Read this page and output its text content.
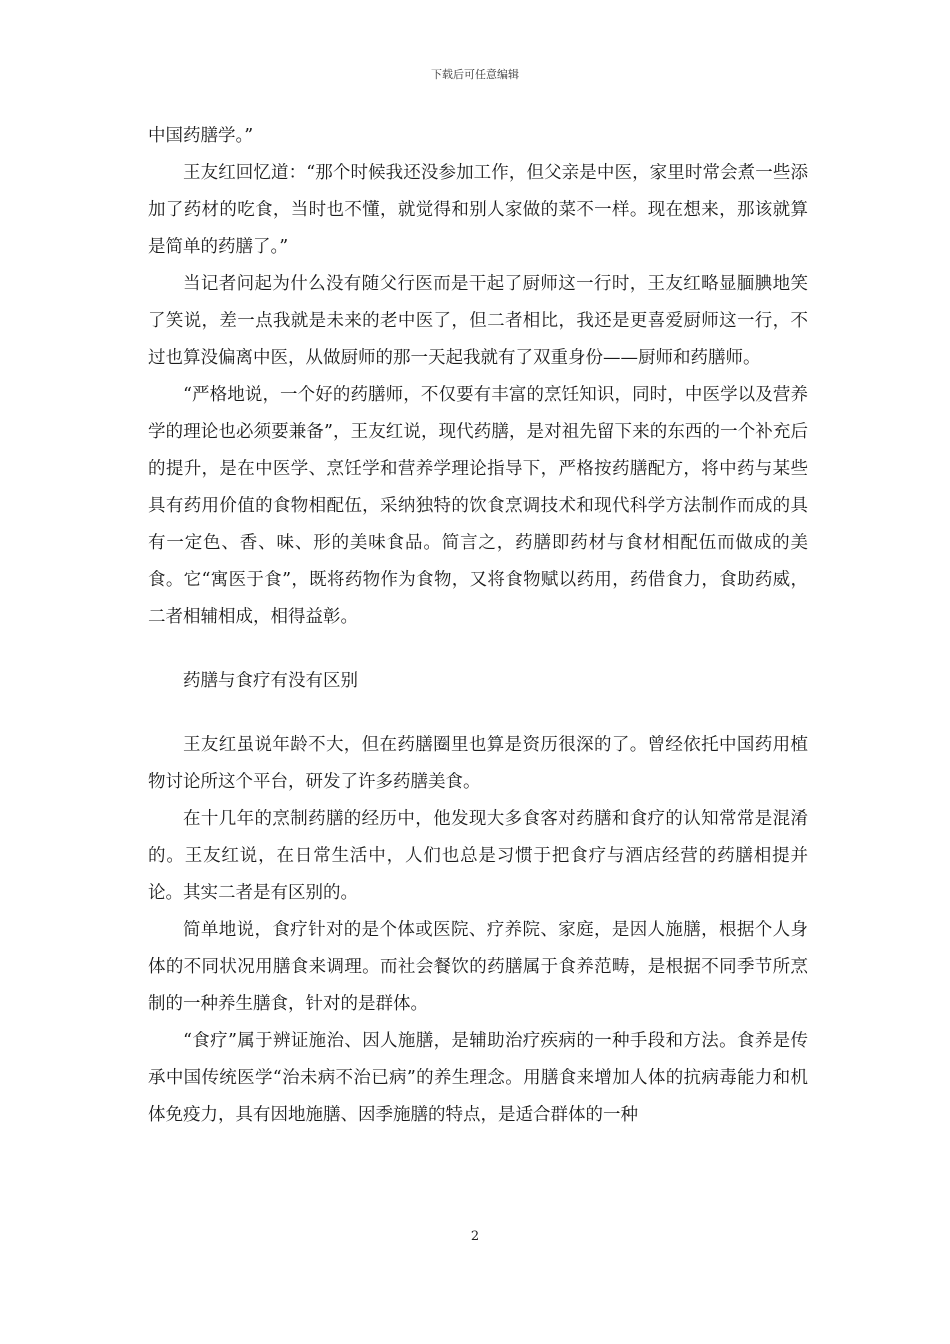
下载后可任意编辑

中国药膳学。”

王友红回忆道：“那个时候我还没参加工作，但父亲是中医，家里时常会煮一些添加了药材的吃食，当时也不懂，就觉得和别人家做的菜不一样。现在想来，那该就算是简单的药膳了。”

当记者问起为什么没有随父行医而是干起了厨师这一行时，王友红略显腼腆地笑了笑说，差一点我就是未来的老中医了，但二者相比，我还是更喜爱厨师这一行，不过也算没偏离中医，从做厨师的那一天起我就有了双重身份——厨师和药膳师。

“严格地说，一个好的药膳师，不仅要有丰富的烹饪知识，同时，中医学以及营养学的理论也必须要兼备”，王友红说，现代药膳，是对祖先留下来的东西的一个补充后的提升，是在中医学、烹饪学和营养学理论指导下，严格按药膳配方，将中药与某些具有药用价值的食物相配伍，采纳独特的饮食烹调技术和现代科学方法制作而成的具有一定色、香、味、形的美味食品。简言之，药膳即药材与食材相配伍而做成的美食。它“寓医于食”，既将药物作为食物，又将食物赋以药用，药借食力，食助药威，二者相辅相成，相得益彰。

药膳与食疗有没有区别

王友红虽说年龄不大，但在药膳圈里也算是资历很深的了。曾经依托中国药用植物讨论所这个平台，研发了许多药膳美食。

在十几年的烹制药膳的经历中，他发现大多食客对药膳和食疗的认知常常是混淆的。王友红说，在日常生活中，人们也总是习惯于把食疗与酒店经营的药膳相提并论。其实二者是有区别的。

简单地说，食疗针对的是个体或医院、疗养院、家庭，是因人施膳，根据个人身体的不同状况用膳食来调理。而社会餐饮的药膳属于食养范畴，是根据不同季节所烹制的一种养生膳食，针对的是群体。

“食疗”属于辨证施治、因人施膳，是辅助治疗疾病的一种手段和方法。食养是传承中国传统医学“治未病不治已病”的养生理念。用膳食来增加人体的抗病毒能力和机体免疫力，具有因地施膳、因季施膳的特点，是适合群体的一种

2
